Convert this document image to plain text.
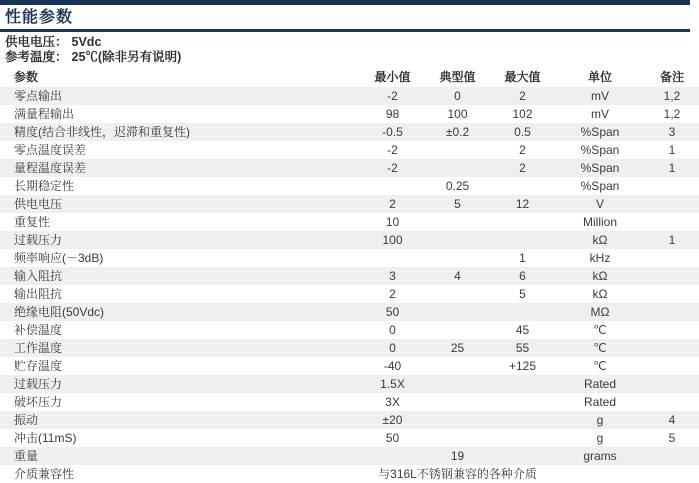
性能参数
供电电压： 5Vdc
参考温度： 25℃(除非另有说明)
参数	最小值	典型值	最大值	单位	备注
零点输出	-2	0	2	mV	1,2
满量程输出	98	100	102	mV	1,2
精度(结合非线性，迟滞和重复性)	-0.5	±0.2	0.5	%Span	3
零点温度误差	-2		2	%Span	1
量程温度误差	-2		2	%Span	1
长期稳定性		0.25		%Span	
供电电压	2	5	12	V	
重复性	10			Million	
过载压力	100			kΩ	1
频率响应(－3dB)			1	kHz	
输入阻抗	3	4	6	kΩ	
输出阻抗	2		5	kΩ	
绝缘电阻(50Vdc)	50			MΩ	
补偿温度	0		45	℃	
工作温度	0	25	55	℃	
贮存温度	-40		+125	℃	
过载压力	1.5X			Rated	
破坏压力	3X			Rated	
振动	±20			g	4
冲击(11mS)	50			g	5
重量		19		grams	
介质兼容性	与316L不锈钢兼容的各种介质				
